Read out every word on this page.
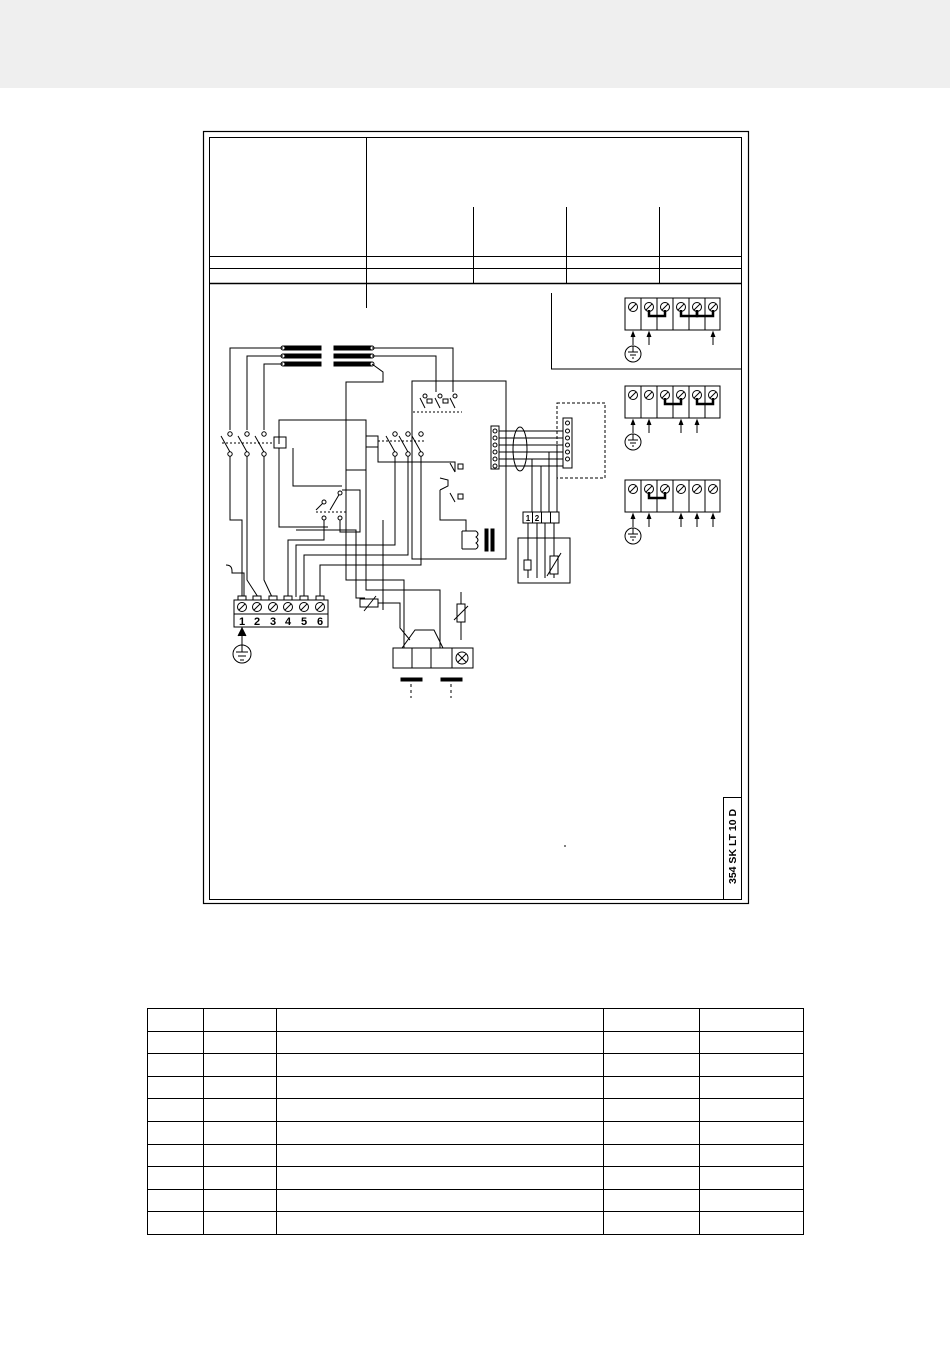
1 2 3 4 5 6
1 2
354 SK LT 10 D
